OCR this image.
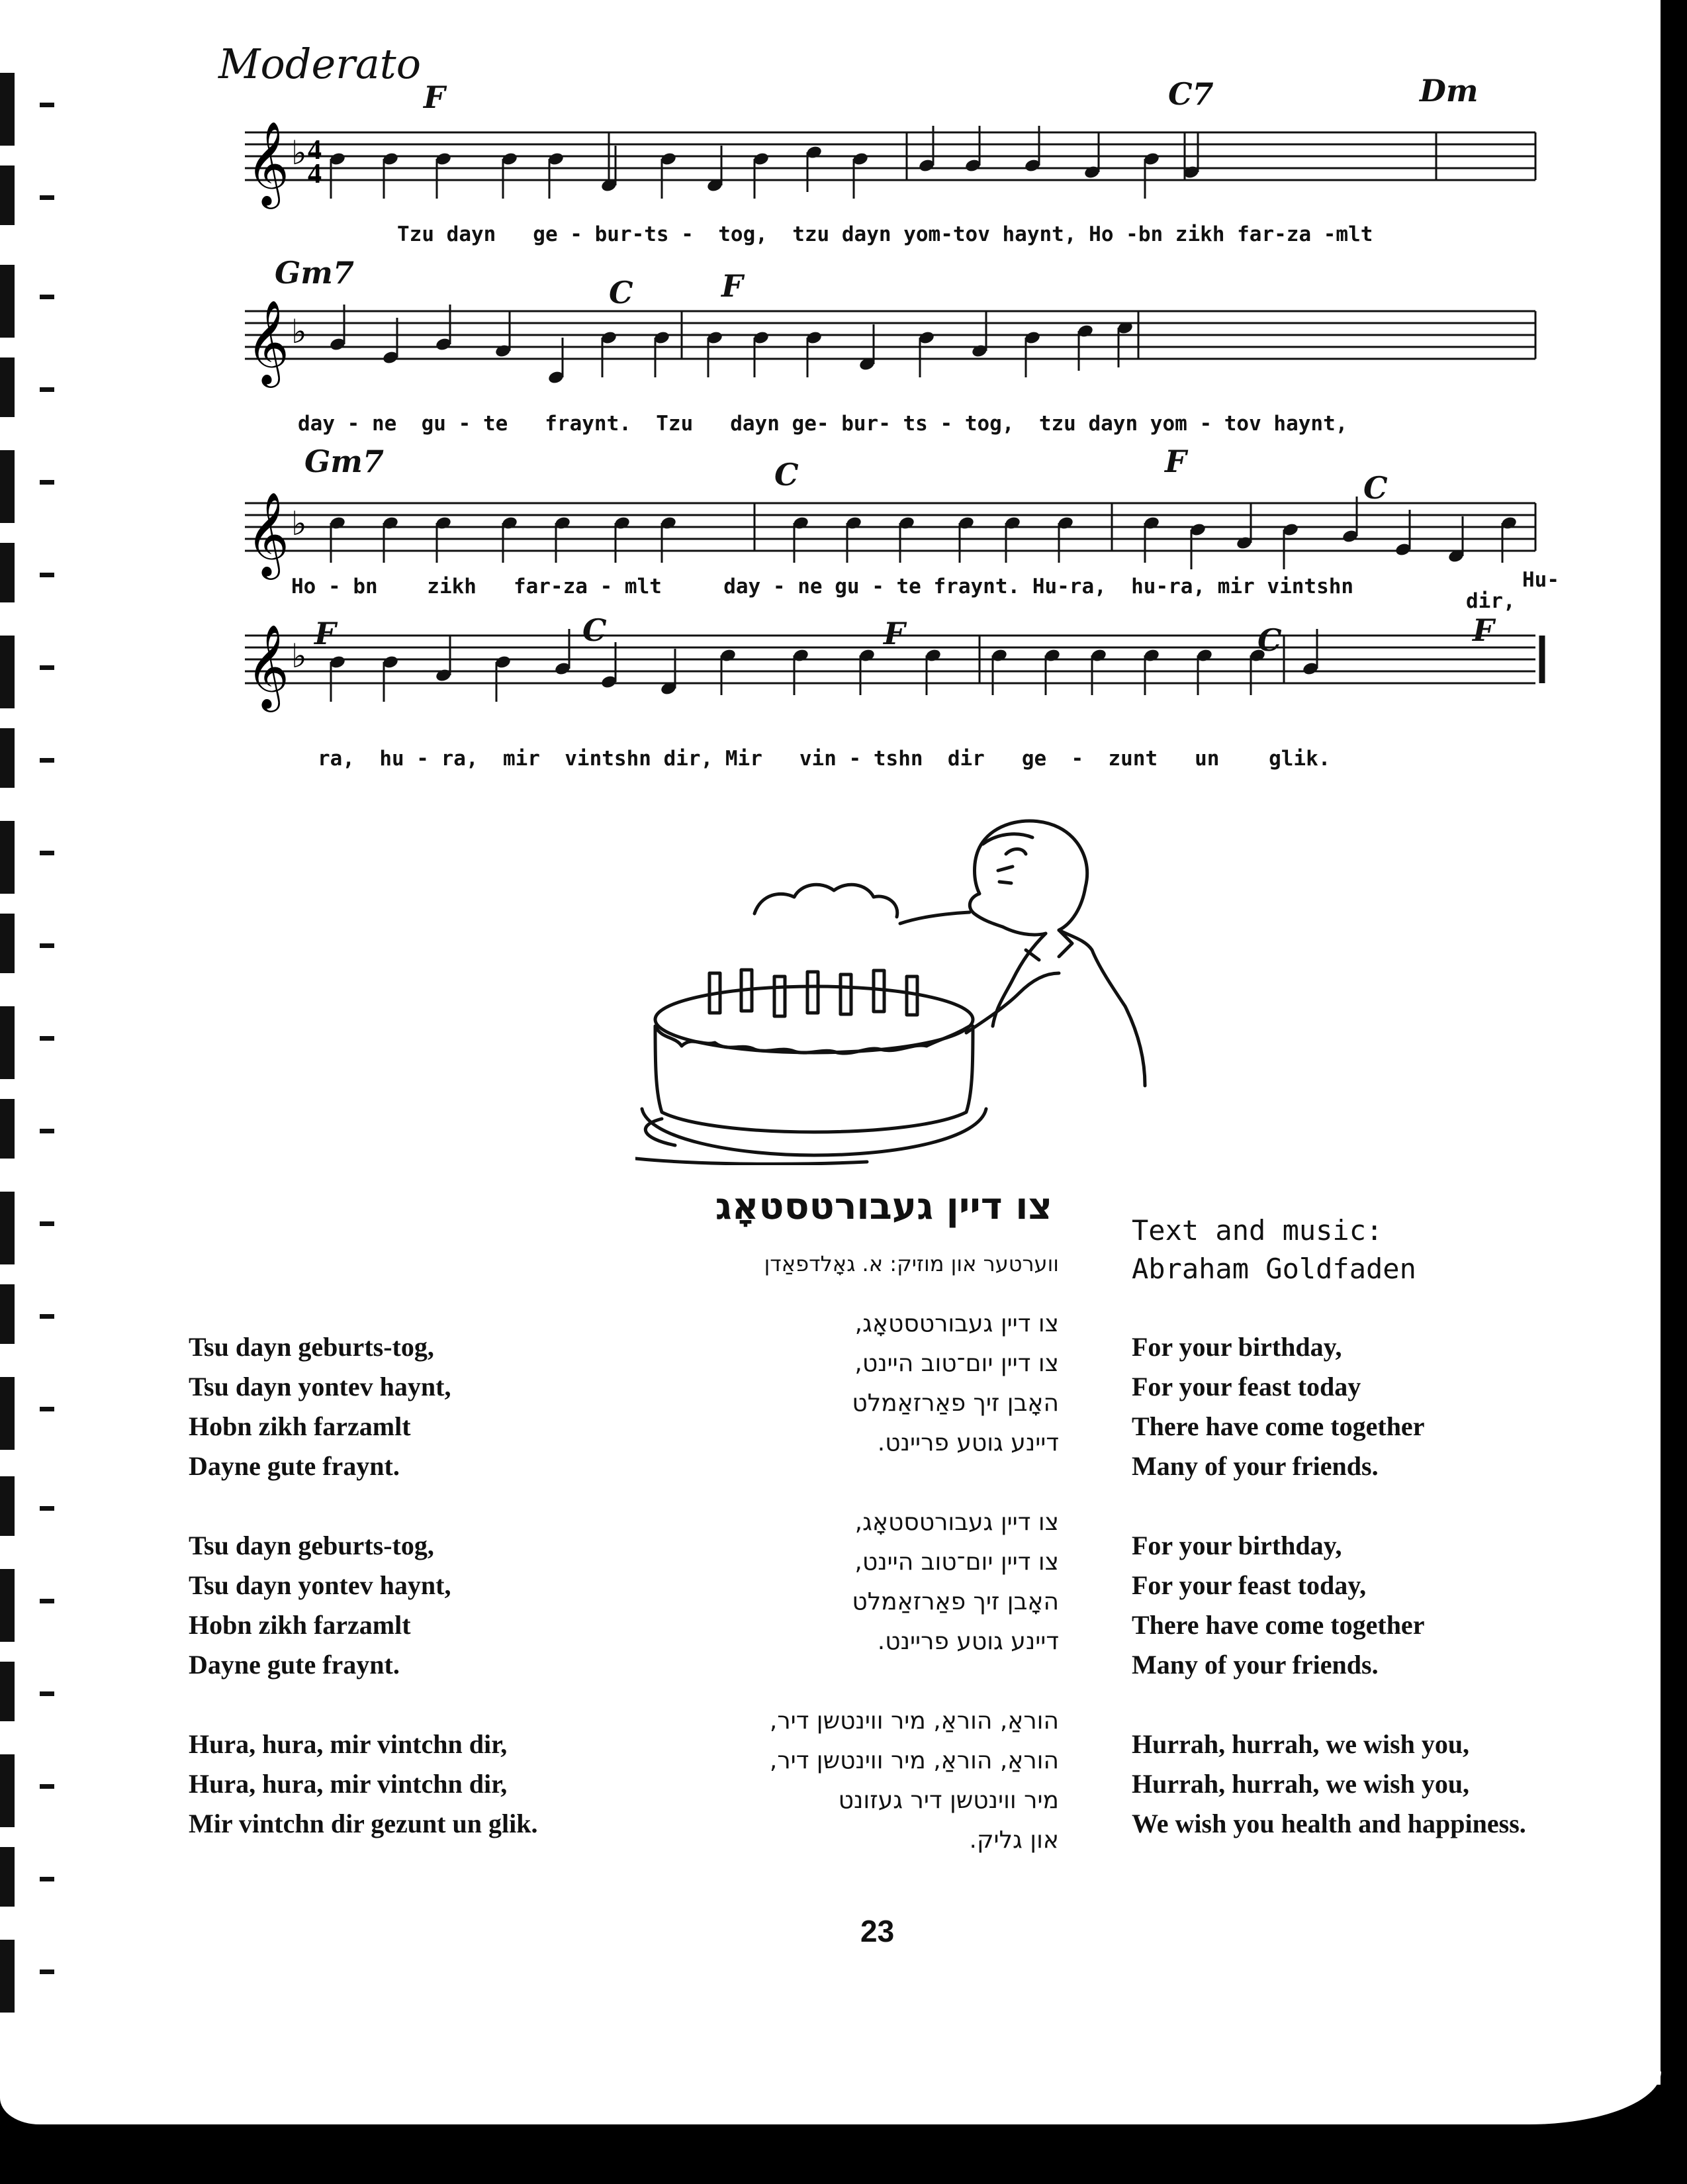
Moderato
𝄞 ♭ 4
4
𝄞 ♭
𝄞 ♭
𝄞 ♭
F	C7	Dm
Gm7
C	F
Gm7	C	F
C
F	C	F	C	F
Tzu dayn   ge - bur-ts -  tog,  tzu dayn yom-tov haynt, Ho -bn zikh far-za -mlt
day - ne  gu - te   fraynt.  Tzu   dayn ge- bur- ts - tog,  tzu dayn yom - tov haynt,
Ho - bn    zikh   far-za - mlt     day - ne gu - te fraynt. Hu-ra,  hu-ra, mir vintshn	Hu-
dir,
ra,  hu - ra,  mir  vintshn dir, Mir   vin - tshn  dir   ge  -  zunt   un    glik.
צו דיין געבורטסטאָג
ווערטער און מוזיק: א. גאָלדפאַדן
Text and music:
Abraham Goldfaden
צו דיין געבורטסטאָג,
צו דיין יום־טוב היינט,
האָבן זיך פאַרזאַמלט
דיינע גוטע פריינט.
צו דיין געבורטסטאָג,
צו דיין יום־טוב היינט,
האָבן זיך פאַרזאַמלט
דיינע גוטע פריינט.
הוראַ, הוראַ, מיר ווינטשן דיר,
הוראַ, הוראַ, מיר ווינטשן דיר,
מיר ווינטשן דיר געזונט
און גליק.
Tsu dayn geburts-tog,
Tsu dayn yontev haynt,
Hobn zikh farzamlt
Dayne gute fraynt.
Tsu dayn geburts-tog,
Tsu dayn yontev haynt,
Hobn zikh farzamlt
Dayne gute fraynt.
Hura, hura, mir vintchn dir,
Hura, hura, mir vintchn dir,
Mir vintchn dir gezunt un glik.
For your birthday,
For your feast today
There have come together
Many of your friends.
For your birthday,
For your feast today,
There have come together
Many of your friends.
Hurrah, hurrah, we wish you,
Hurrah, hurrah, we wish you,
We wish you health and happiness.
23
